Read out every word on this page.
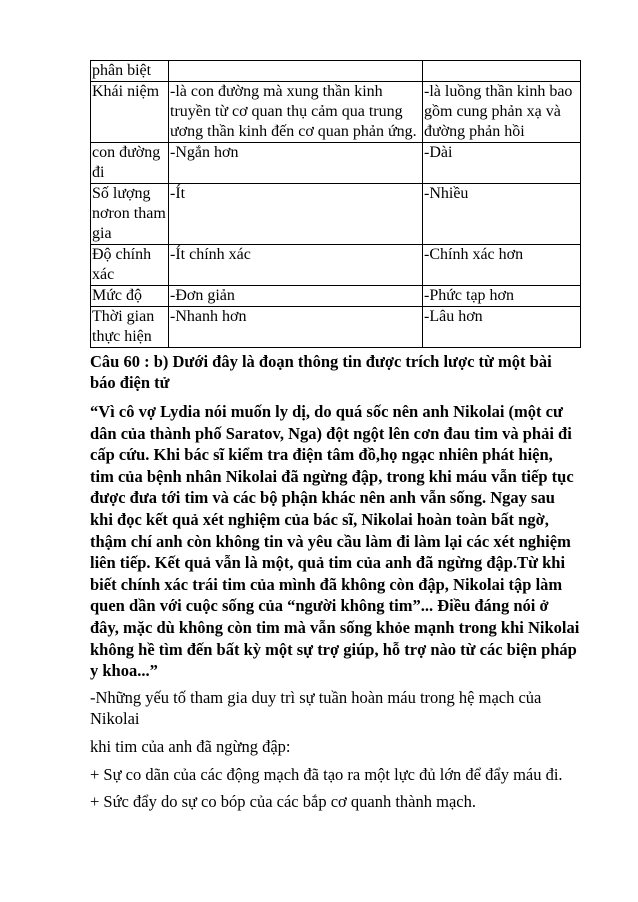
phân biệt		
Khái niệm	-là con đường mà xung thần kinh truyền từ cơ quan thụ cảm qua trung ương thần kinh đến cơ quan phản ứng.	-là luồng thần kinh bao gồm cung phản xạ và đường phản hồi
con đường đi	-Ngắn hơn	-Dài
Số lượng nơron tham gia	-Ít	-Nhiều
Độ chính xác	-Ít chính xác	-Chính xác hơn
Mức độ	-Đơn giản	-Phức tạp hơn
Thời gian thực hiện	-Nhanh hơn	-Lâu hơn

Câu 60 : b) Dưới đây là đoạn thông tin được trích lược từ một bài báo điện tử

“Vì cô vợ Lydia nói muốn ly dị, do quá sốc nên anh Nikolai (một cư dân của thành phố Saratov, Nga) đột ngột lên cơn đau tim và phải đi cấp cứu. Khi bác sĩ kiểm tra điện tâm đồ,họ ngạc nhiên phát hiện, tim của bệnh nhân Nikolai đã ngừng đập, trong khi máu vẫn tiếp tục được đưa tới tim và các bộ phận khác nên anh vẫn sống. Ngay sau khi đọc kết quả xét nghiệm của bác sĩ, Nikolai hoàn toàn bất ngờ, thậm chí anh còn không tin và yêu cầu làm đi làm lại các xét nghiệm liên tiếp. Kết quả vẫn là một, quả tim của anh đã ngừng đập.Từ khi biết chính xác trái tim của mình đã không còn đập, Nikolai tập làm quen dần với cuộc sống của “người không tim”... Điều đáng nói ở đây, mặc dù không còn tim mà vẫn sống khỏe mạnh trong khi Nikolai không hề tìm đến bất kỳ một sự trợ giúp, hỗ trợ nào từ các biện pháp y khoa...”

-Những yếu tố tham gia duy trì sự tuần hoàn máu trong hệ mạch của Nikolai

khi tim của anh đã ngừng đập:

+ Sự co dãn của các động mạch đã tạo ra một lực đủ lớn để đẩy máu đi.

+ Sức đẩy do sự co bóp của các bắp cơ quanh thành mạch.
